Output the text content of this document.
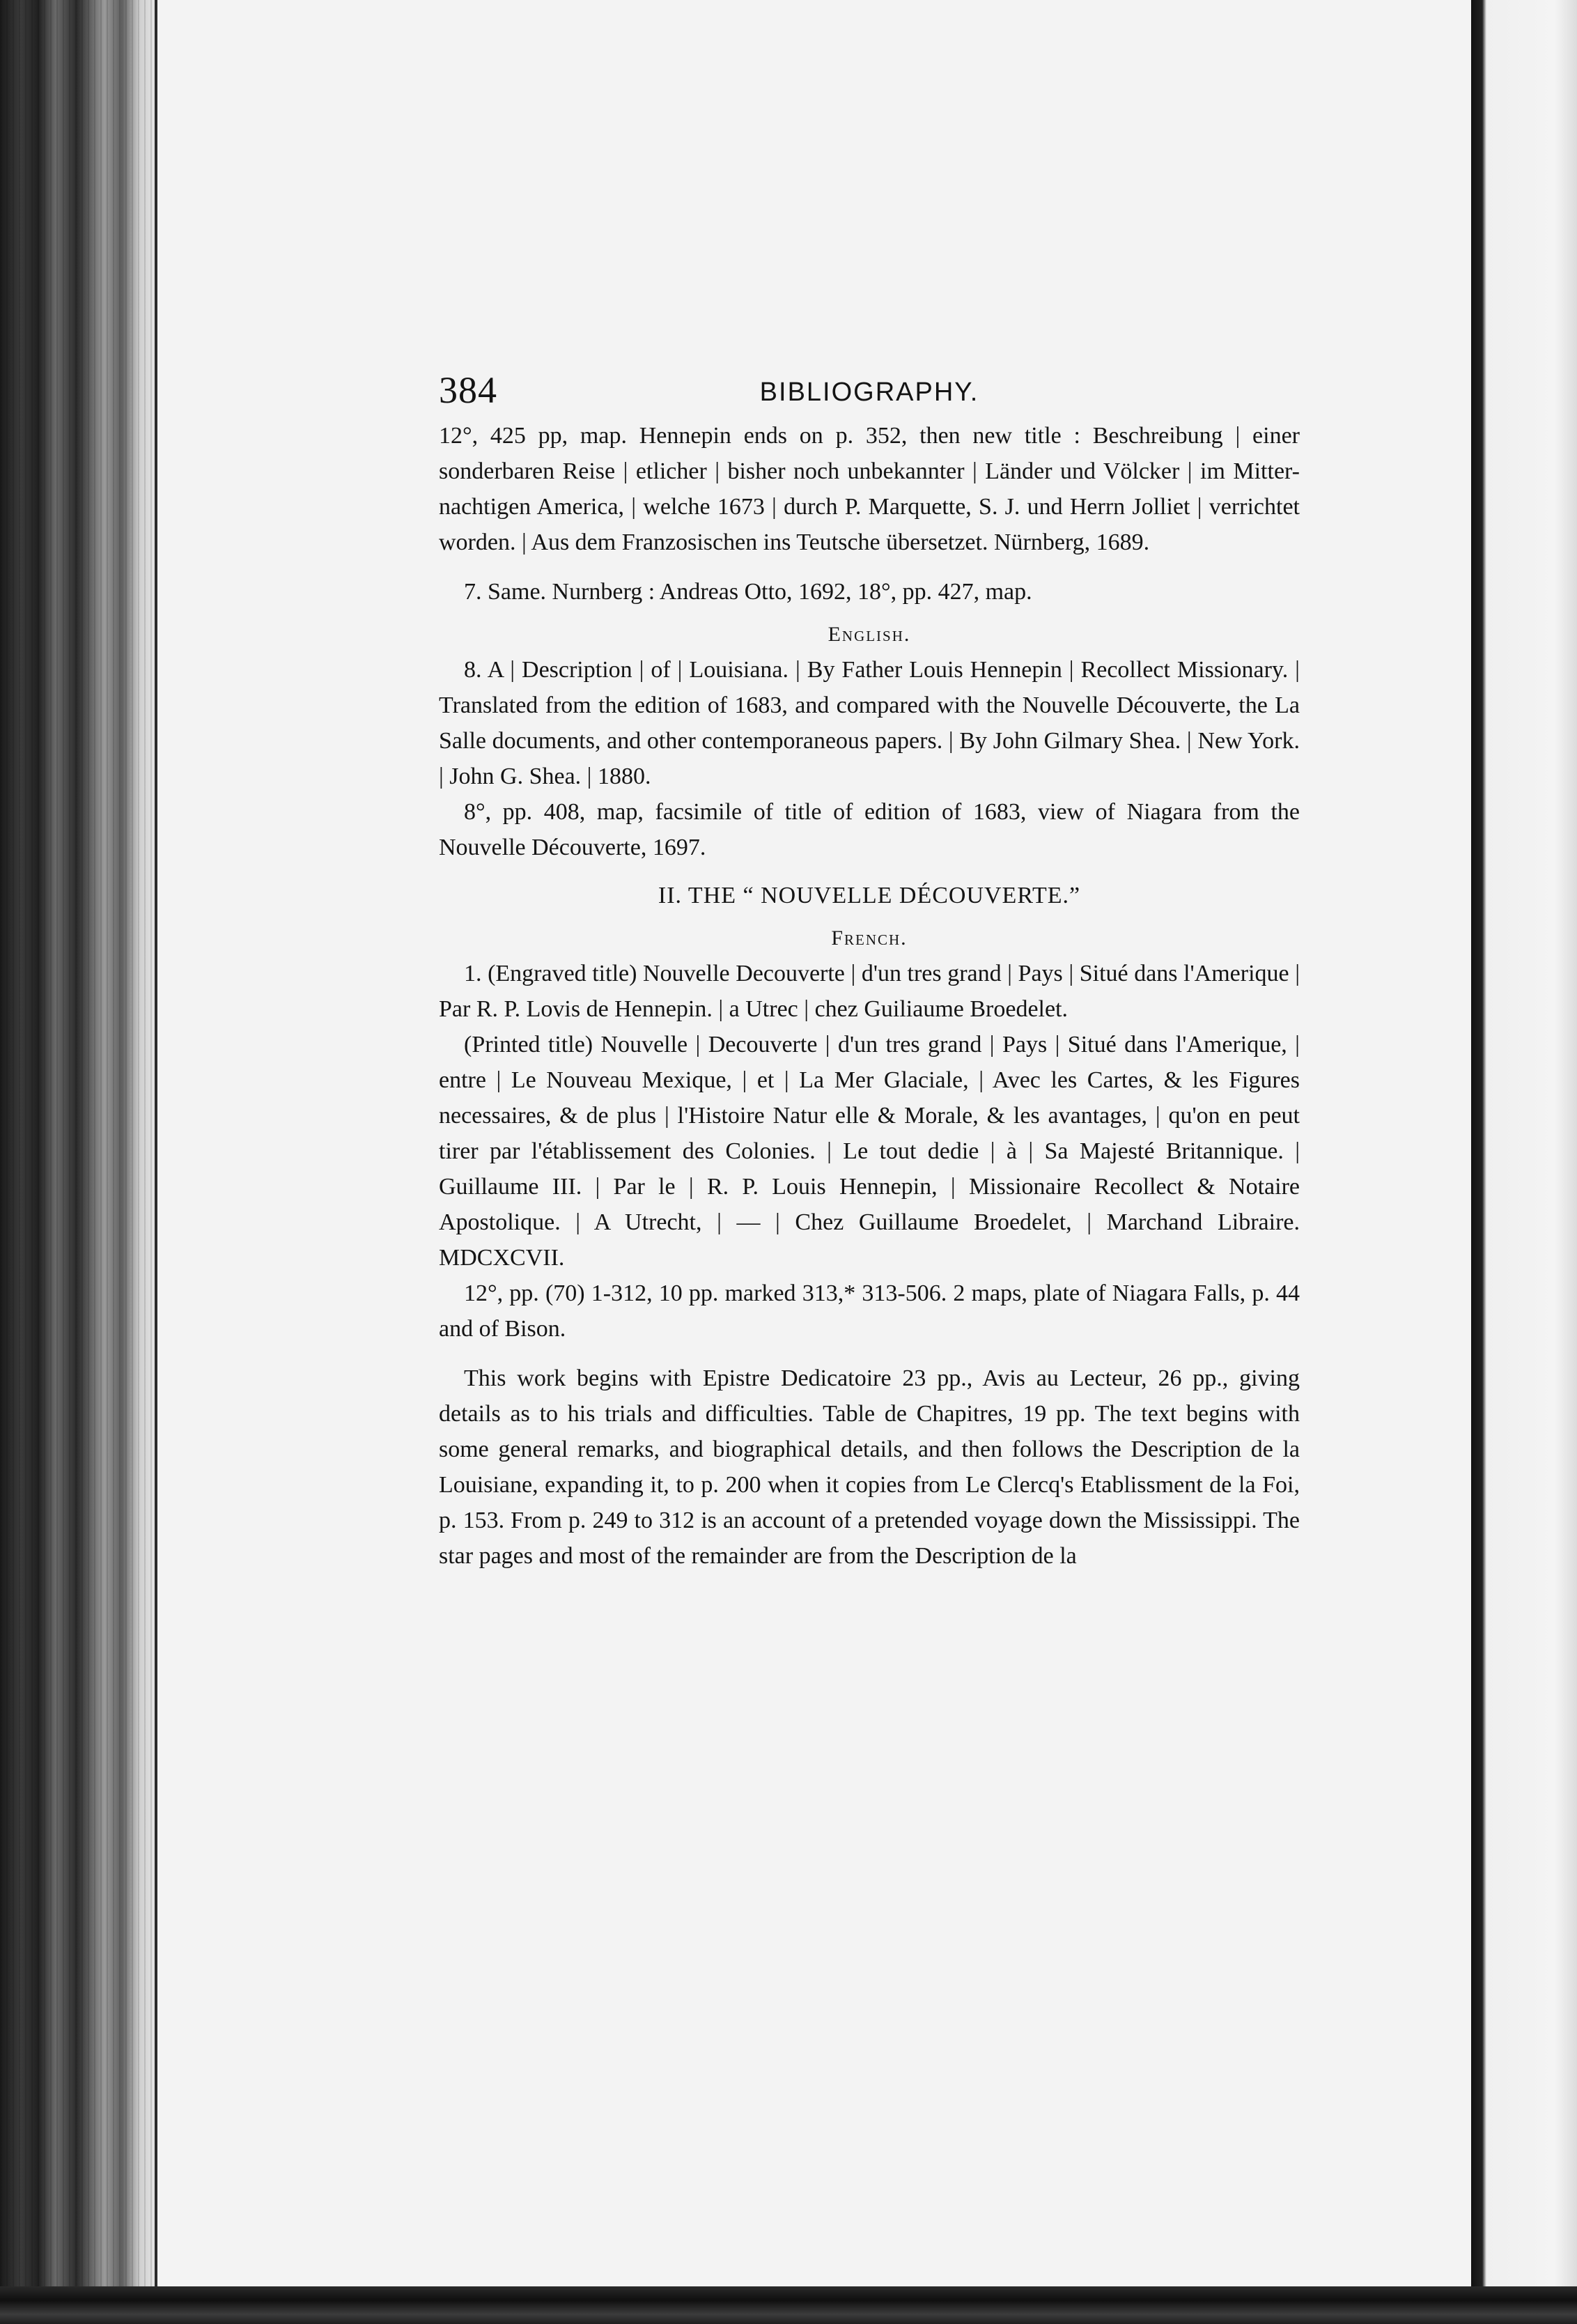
384	BIBLIOGRAPHY.

12°, 425 pp, map. Hennepin ends on p. 352, then new title : Beschreibung | einer sonderbaren Reise | etlicher | bisher noch unbekannter | Länder und Völcker | im Mitter-nachtigen America, | welche 1673 | durch P. Marquette, S. J. und Herrn Jolliet | verrichtet worden. | Aus dem Franzosischen ins Teutsche übersetzet. Nürnberg, 1689.

7. Same. Nurnberg : Andreas Otto, 1692, 18°, pp. 427, map.

English.

8. A | Description | of | Louisiana. | By Father Louis Hennepin | Recollect Missionary. | Translated from the edition of 1683, and compared with the Nouvelle Découverte, the La Salle documents, and other contemporaneous papers. | By John Gilmary Shea. | New York. | John G. Shea. | 1880.

8°, pp. 408, map, facsimile of title of edition of 1683, view of Niagara from the Nouvelle Découverte, 1697.

II. THE “ NOUVELLE DÉCOUVERTE.”
French.

1. (Engraved title) Nouvelle Decouverte | d'un tres grand | Pays | Situé dans l'Amerique | Par R. P. Lovis de Hennepin. | a Utrec | chez Guiliaume Broedelet.

(Printed title) Nouvelle | Decouverte | d'un tres grand | Pays | Situé dans l'Amerique, | entre | Le Nouveau Mexique, | et | La Mer Glaciale, | Avec les Cartes, & les Figures necessaires, & de plus | l'Histoire Natur elle & Morale, & les avantages, | qu'on en peut tirer par l'établissement des Colonies. | Le tout dedie | à | Sa Majesté Britannique. | Guillaume III. | Par le | R. P. Louis Hennepin, | Missionaire Recollect & Notaire Apostolique. | A Utrecht, | — | Chez Guillaume Broedelet, | Marchand Libraire. MDCXCVII.

12°, pp. (70) 1-312, 10 pp. marked 313,* 313-506. 2 maps, plate of Niagara Falls, p. 44 and of Bison.

This work begins with Epistre Dedicatoire 23 pp., Avis au Lecteur, 26 pp., giving details as to his trials and difficulties. Table de Chapitres, 19 pp. The text begins with some general remarks, and biographical details, and then follows the Description de la Louisiane, expanding it, to p. 200 when it copies from Le Clercq's Etablissment de la Foi, p. 153. From p. 249 to 312 is an account of a pretended voyage down the Mississippi. The star pages and most of the remainder are from the Description de la
